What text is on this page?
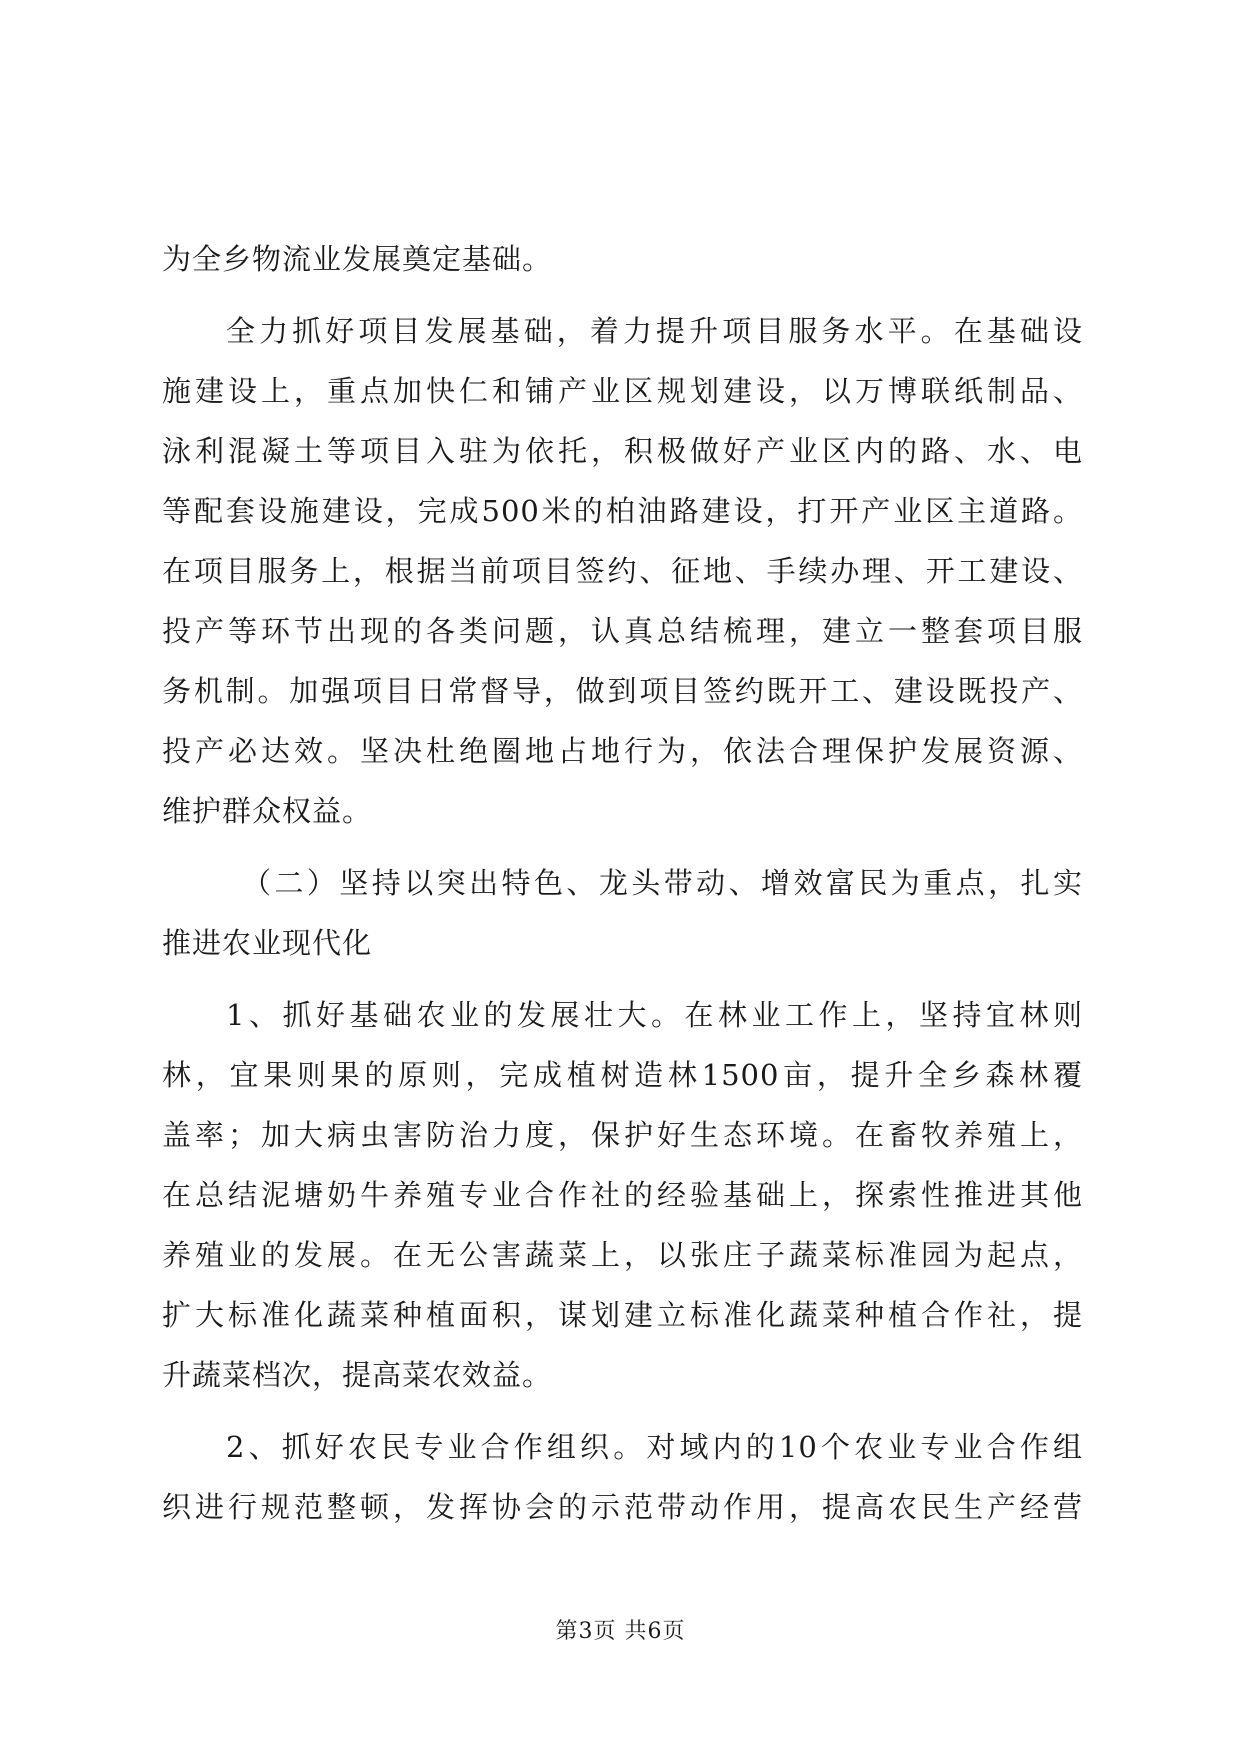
为全乡物流业发展奠定基础。
全力抓好项目发展基础，着力提升项目服务水平。在基础设
施建设上，重点加快仁和铺产业区规划建设，以万博联纸制品、
泳利混凝土等项目入驻为依托，积极做好产业区内的路、水、电
等配套设施建设，完成500米的柏油路建设，打开产业区主道路。
在项目服务上，根据当前项目签约、征地、手续办理、开工建设、
投产等环节出现的各类问题，认真总结梳理，建立一整套项目服
务机制。加强项目日常督导，做到项目签约既开工、建设既投产、
投产必达效。坚决杜绝圈地占地行为，依法合理保护发展资源、
维护群众权益。
（二）坚持以突出特色、龙头带动、增效富民为重点，扎实
推进农业现代化
1、抓好基础农业的发展壮大。在林业工作上，坚持宜林则
林，宜果则果的原则，完成植树造林1500亩，提升全乡森林覆
盖率；加大病虫害防治力度，保护好生态环境。在畜牧养殖上，
在总结泥塘奶牛养殖专业合作社的经验基础上，探索性推进其他
养殖业的发展。在无公害蔬菜上，以张庄子蔬菜标准园为起点，
扩大标准化蔬菜种植面积，谋划建立标准化蔬菜种植合作社，提
升蔬菜档次，提高菜农效益。
2、抓好农民专业合作组织。对域内的10个农业专业合作组
织进行规范整顿，发挥协会的示范带动作用，提高农民生产经营
第3页 共6页
